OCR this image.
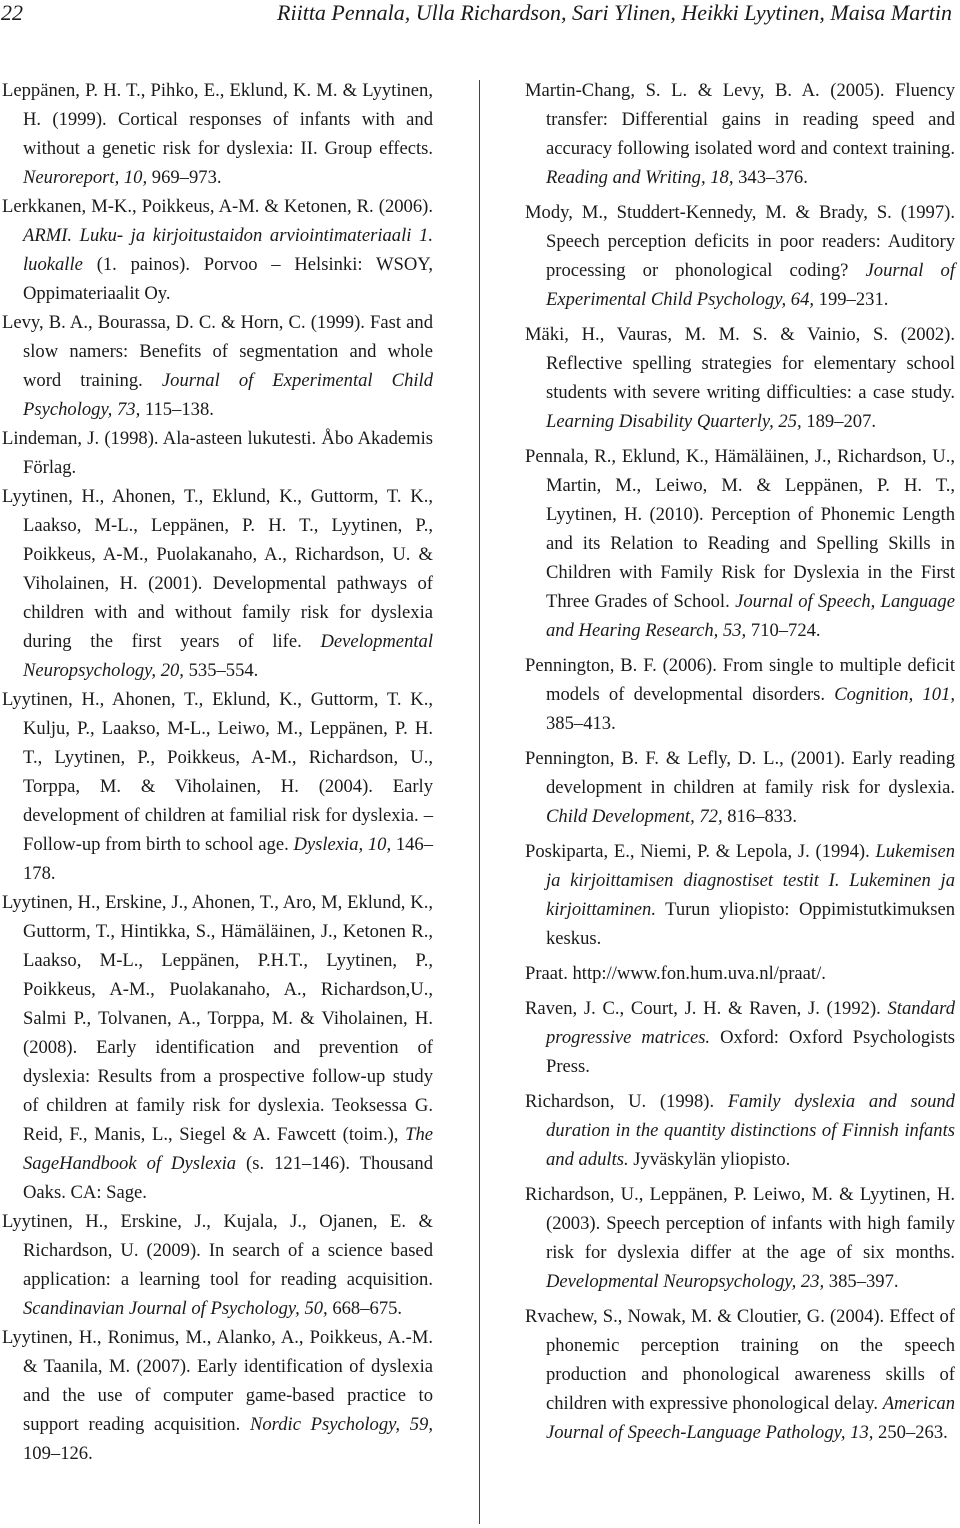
22	Riitta Pennala, Ulla Richardson, Sari Ylinen, Heikki Lyytinen, Maisa Martin

Leppänen, P. H. T., Pihko, E., Eklund, K. M. & Lyytinen, H. (1999). Cortical responses of infants with and without a genetic risk for dyslexia: II. Group effects. Neuroreport, 10, 969–973.

Lerkkanen, M-K., Poikkeus, A-M. & Ketonen, R. (2006). ARMI. Luku- ja kirjoitustaidon arviointimateriaali 1. luokalle (1. painos). Porvoo – Helsinki: WSOY, Oppimateriaalit Oy.

Levy, B. A., Bourassa, D. C. & Horn, C. (1999). Fast and slow namers: Benefits of segmentation and whole word training. Journal of Experimental Child Psychology, 73, 115–138.

Lindeman, J. (1998). Ala-asteen lukutesti. Åbo Akademis Förlag.

Lyytinen, H., Ahonen, T., Eklund, K., Guttorm, T. K., Laakso, M-L., Leppänen, P. H. T., Lyytinen, P., Poikkeus, A-M., Puolakanaho, A., Richardson, U. & Viholainen, H. (2001). Developmental pathways of children with and without family risk for dyslexia during the first years of life. Developmental Neuropsychology, 20, 535–554.

Lyytinen, H., Ahonen, T., Eklund, K., Guttorm, T. K., Kulju, P., Laakso, M-L., Leiwo, M., Leppänen, P. H. T., Lyytinen, P., Poikkeus, A-M., Richardson, U., Torppa, M. & Viholainen, H. (2004). Early development of children at familial risk for dyslexia. – Follow-up from birth to school age. Dyslexia, 10, 146–178.

Lyytinen, H., Erskine, J., Ahonen, T., Aro, M, Eklund, K., Guttorm, T., Hintikka, S., Hämäläinen, J., Ketonen R., Laakso, M-L., Leppänen, P.H.T., Lyytinen, P., Poikkeus, A-M., Puolakanaho, A., Richardson,U., Salmi P., Tolvanen, A., Torppa, M. & Viholainen, H. (2008). Early identification and prevention of dyslexia: Results from a prospective follow-up study of children at family risk for dyslexia. Teoksessa G. Reid, F., Manis, L., Siegel & A. Fawcett (toim.), The SageHandbook of Dyslexia (s. 121–146). Thousand Oaks. CA: Sage.

Lyytinen, H., Erskine, J., Kujala, J., Ojanen, E. & Richardson, U. (2009). In search of a science based application: a learning tool for reading acquisition. Scandinavian Journal of Psychology, 50, 668–675.

Lyytinen, H., Ronimus, M., Alanko, A., Poikkeus, A.-M. & Taanila, M. (2007). Early identification of dyslexia and the use of computer game-based practice to support reading acquisition. Nordic Psychology, 59, 109–126.

Martin-Chang, S. L. & Levy, B. A. (2005). Fluency transfer: Differential gains in reading speed and accuracy following isolated word and context training. Reading and Writing, 18, 343–376.

Mody, M., Studdert-Kennedy, M. & Brady, S. (1997). Speech perception deficits in poor readers: Auditory processing or phonological coding? Journal of Experimental Child Psychology, 64, 199–231.

Mäki, H., Vauras, M. M. S. & Vainio, S. (2002). Reflective spelling strategies for elementary school students with severe writing difficulties: a case study. Learning Disability Quarterly, 25, 189–207.

Pennala, R., Eklund, K., Hämäläinen, J., Richardson, U., Martin, M., Leiwo, M. & Leppänen, P. H. T., Lyytinen, H. (2010). Perception of Phonemic Length and its Relation to Reading and Spelling Skills in Children with Family Risk for Dyslexia in the First Three Grades of School. Journal of Speech, Language and Hearing Research, 53, 710–724.

Pennington, B. F. (2006). From single to multiple deficit models of developmental disorders. Cognition, 101, 385–413.

Pennington, B. F. & Lefly, D. L., (2001). Early reading development in children at family risk for dyslexia. Child Development, 72, 816–833.

Poskiparta, E., Niemi, P. & Lepola, J. (1994). Lukemisen ja kirjoittamisen diagnostiset testit I. Lukeminen ja kirjoittaminen. Turun yliopisto: Oppimistutkimuksen keskus.

Praat. http://www.fon.hum.uva.nl/praat/.

Raven, J. C., Court, J. H. & Raven, J. (1992). Standard progressive matrices. Oxford: Oxford Psychologists Press.

Richardson, U. (1998). Family dyslexia and sound duration in the quantity distinctions of Finnish infants and adults. Jyväskylän yliopisto.

Richardson, U., Leppänen, P. Leiwo, M. & Lyytinen, H. (2003). Speech perception of infants with high family risk for dyslexia differ at the age of six months. Developmental Neuropsychology, 23, 385–397.

Rvachew, S., Nowak, M. & Cloutier, G. (2004). Effect of phonemic perception training on the speech production and phonological awareness skills of children with expressive phonological delay. American Journal of Speech-Language Pathology, 13, 250–263.
